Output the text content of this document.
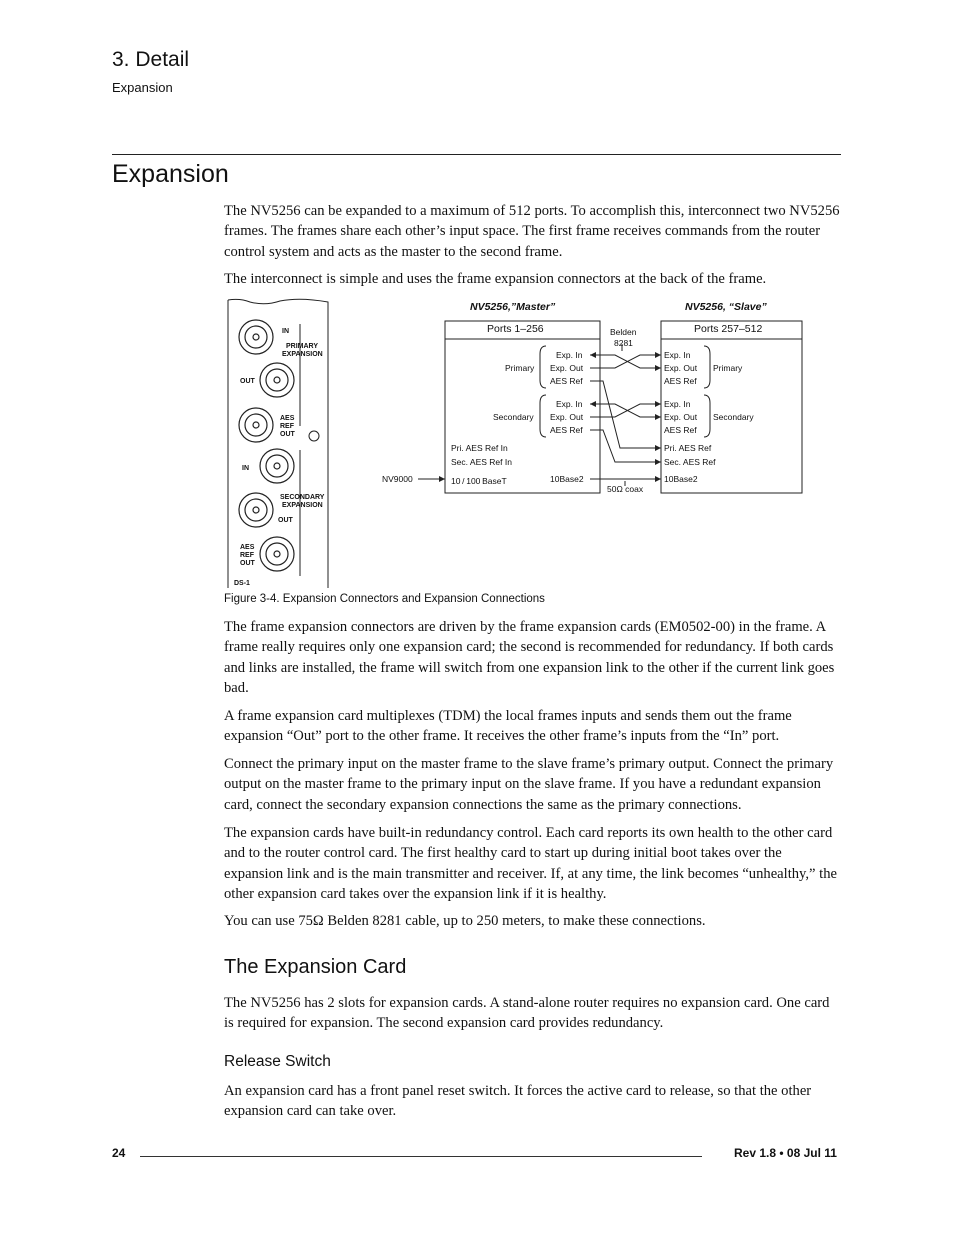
3. Detail
Expansion
Expansion

The NV5256 can be expanded to a maximum of 512 ports. To accomplish this, interconnect two NV5256 frames. The frames share each other’s input space. The first frame receives commands from the router control system and acts as the master to the second frame.

The interconnect is simple and uses the frame expansion connectors at the back of the frame.

IN
PRIMARY
EXPANSION
OUT
AES
REF
OUT
IN
SECONDARY
EXPANSION
OUT
AES
REF
OUT
DS-1
NV5256,”Master”
Ports 1–256
Primary
Exp. In
Exp. Out
AES Ref
Secondary
Exp. In
Exp. Out
AES Ref
Pri. AES Ref In
Sec. AES Ref In
10 / 100 BaseT	10Base2
NV5256, “Slave”
Ports 257–512
Exp. In
Exp. Out
AES Ref
Primary
Exp. In
Exp. Out
AES Ref
Secondary
Pri. AES Ref
Sec. AES Ref
10Base2
Belden
8281
50Ω coax
NV9000
Figure 3-4. Expansion Connectors and Expansion Connections

The frame expansion connectors are driven by the frame expansion cards (EM0502-00) in the frame. A frame really requires only one expansion card; the second is recommended for redundancy. If both cards and links are installed, the frame will switch from one expansion link to the other if the current link goes bad.

A frame expansion card multiplexes (TDM) the local frames inputs and sends them out the frame expansion “Out” port to the other frame. It receives the other frame’s inputs from the “In” port.

Connect the primary input on the master frame to the slave frame’s primary output. Connect the primary output on the master frame to the primary input on the slave frame. If you have a redundant expansion card, connect the secondary expansion connections the same as the primary connections.

The expansion cards have built-in redundancy control. Each card reports its own health to the other card and to the router control card. The first healthy card to start up during initial boot takes over the expansion link and is the main transmitter and receiver. If, at any time, the link becomes “unhealthy,” the other expansion card takes over the expansion link if it is healthy.

You can use 75Ω Belden 8281 cable, up to 250 meters, to make these connections.

The Expansion Card

The NV5256 has 2 slots for expansion cards. A stand-alone router requires no expansion card. One card is required for expansion. The second expansion card provides redundancy.

Release Switch

An expansion card has a front panel reset switch. It forces the active card to release, so that the other expansion card can take over.

24	Rev 1.8 • 08 Jul 11
